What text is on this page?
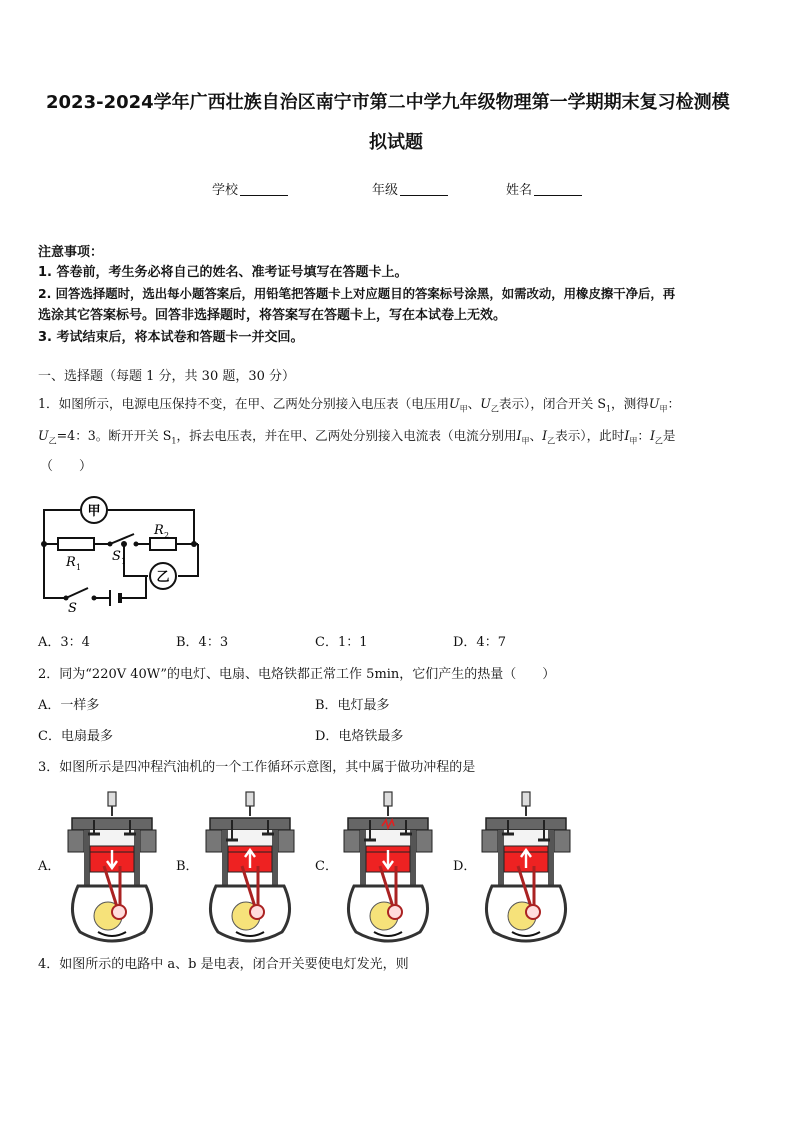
2023-2024学年广西壮族自治区南宁市第二中学九年级物理第一学期期末复习检测模
拟试题
学校	年级	姓名
注意事项：
1. 答卷前，考生务必将自己的姓名、准考证号填写在答题卡上。
2. 回答选择题时，选出每小题答案后，用铅笔把答题卡上对应题目的答案标号涂黑，如需改动，用橡皮擦干净后，再
选涂其它答案标号。回答非选择题时，将答案写在答题卡上，写在本试卷上无效。
3. 考试结束后，将本试卷和答题卡一并交回。
一、选择题（每题 1 分，共 30 题，30 分）
1．如图所示，电源电压保持不变，在甲、乙两处分别接入电压表（电压用$U_甲$、$U_乙$表示），闭合开关 $S_1$，测得$U_甲$：
$U_乙=4$：3。断开开关 $S_1$，拆去电压表，并在甲、乙两处分别接入电流表（电流分别用$I_甲$、$I_乙$表示），此时$I_甲$：$I_乙$是
（　　）
甲
乙
R 1
R 2
S 1
S
A．3：4	B．4：3	C．1：1	D．4：7
2．同为“220V 40W”的电灯、电扇、电烙铁都正常工作 5min，它们产生的热量（　　）
A．一样多	B．电灯最多
C．电扇最多	D．电烙铁最多
3．如图所示是四冲程汽油机的一个工作循环示意图，其中属于做功冲程的是
A．	B．	C．	D．
4．如图所示的电路中 a、b 是电表，闭合开关要使电灯发光，则
